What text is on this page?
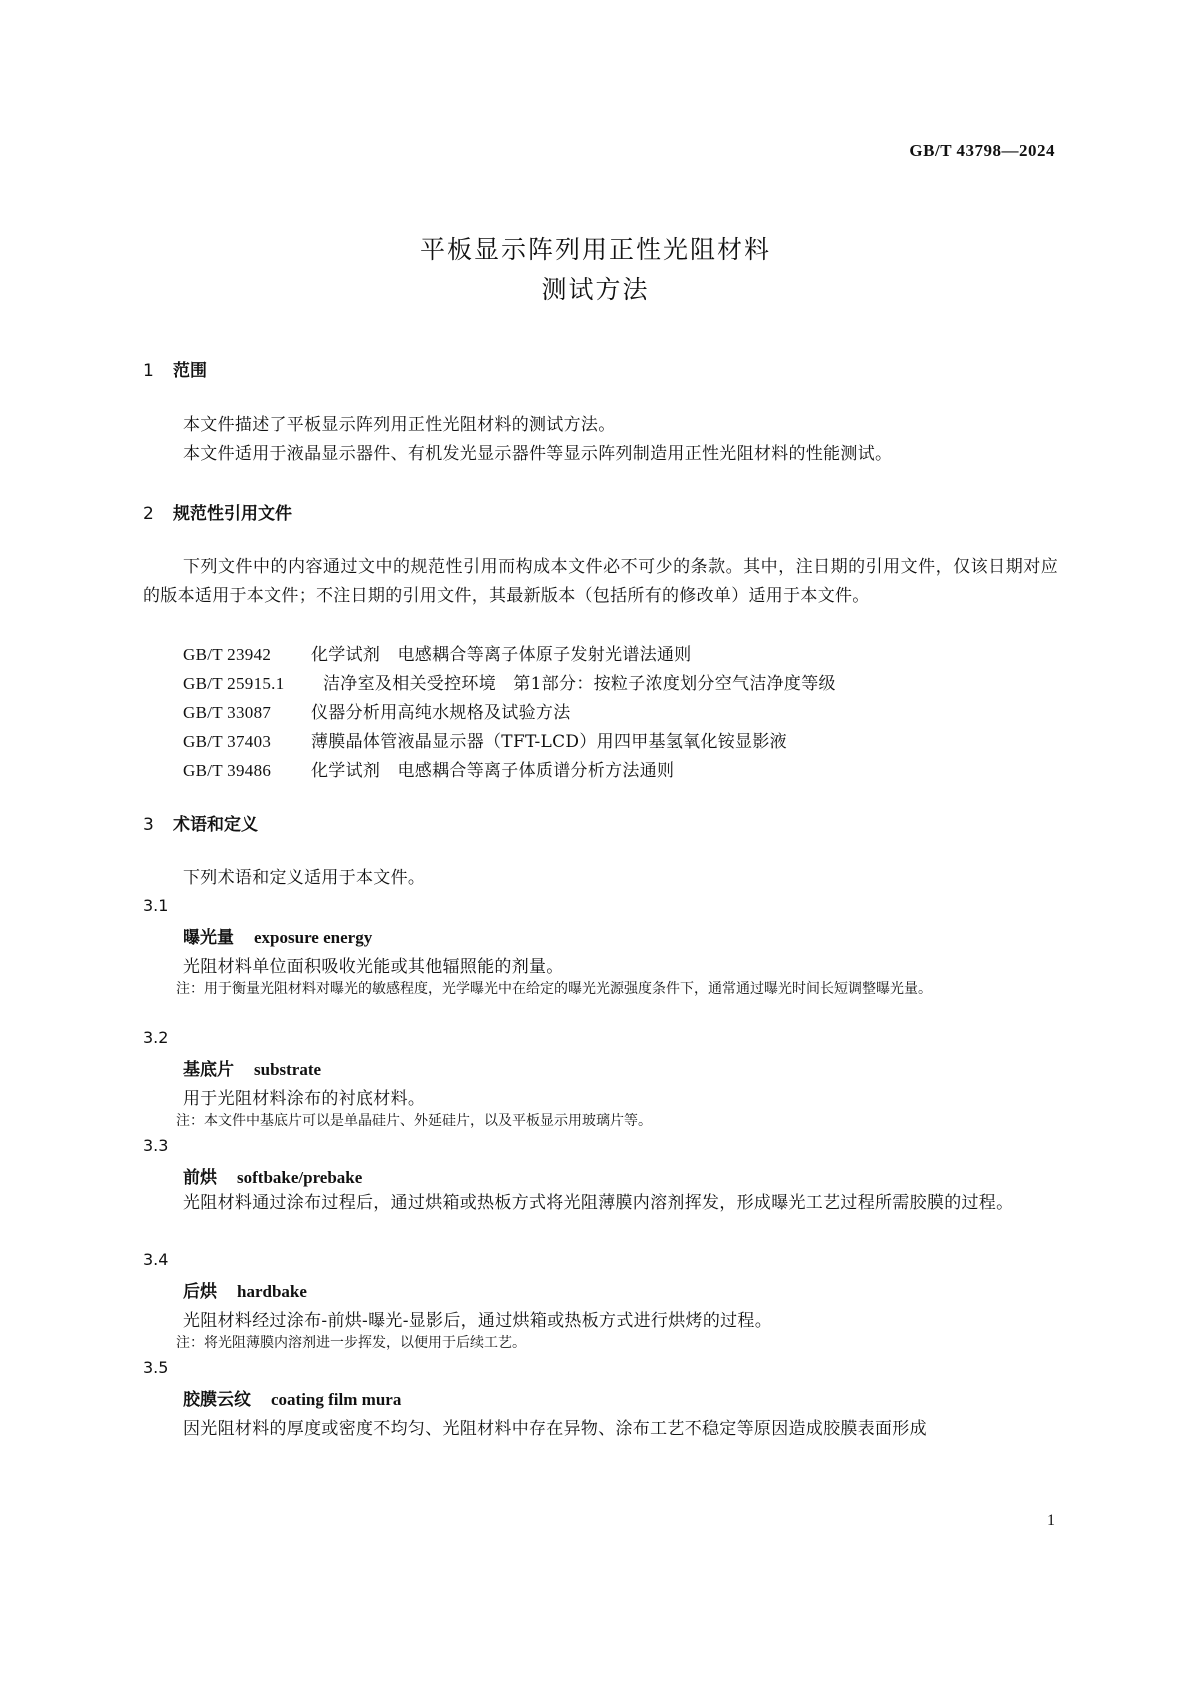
GB/T 43798—2024
平板显示阵列用正性光阻材料
测试方法
1 范围
本文件描述了平板显示阵列用正性光阻材料的测试方法。
本文件适用于液晶显示器件、有机发光显示器件等显示阵列制造用正性光阻材料的性能测试。
2 规范性引用文件
下列文件中的内容通过文中的规范性引用而构成本文件必不可少的条款。其中，注日期的引用文件，仅该日期对应的版本适用于本文件；不注日期的引用文件，其最新版本（包括所有的修改单）适用于本文件。
GB/T 23942 化学试剂　电感耦合等离子体原子发射光谱法通则
GB/T 25915.1 洁净室及相关受控环境　第1部分：按粒子浓度划分空气洁净度等级
GB/T 33087 仪器分析用高纯水规格及试验方法
GB/T 37403 薄膜晶体管液晶显示器（TFT-LCD）用四甲基氢氧化铵显影液
GB/T 39486 化学试剂　电感耦合等离子体质谱分析方法通则
3 术语和定义
下列术语和定义适用于本文件。
3.1
曝光量 exposure energy
光阻材料单位面积吸收光能或其他辐照能的剂量。
注：用于衡量光阻材料对曝光的敏感程度，光学曝光中在给定的曝光光源强度条件下，通常通过曝光时间长短调整曝光量。
3.2
基底片 substrate
用于光阻材料涂布的衬底材料。
注：本文件中基底片可以是单晶硅片、外延硅片，以及平板显示用玻璃片等。
3.3
前烘 softbake/prebake
光阻材料通过涂布过程后，通过烘箱或热板方式将光阻薄膜内溶剂挥发，形成曝光工艺过程所需胶膜的过程。
3.4
后烘 hardbake
光阻材料经过涂布-前烘-曝光-显影后，通过烘箱或热板方式进行烘烤的过程。
注：将光阻薄膜内溶剂进一步挥发，以便用于后续工艺。
3.5
胶膜云纹 coating film mura
因光阻材料的厚度或密度不均匀、光阻材料中存在异物、涂布工艺不稳定等原因造成胶膜表面形成
1
